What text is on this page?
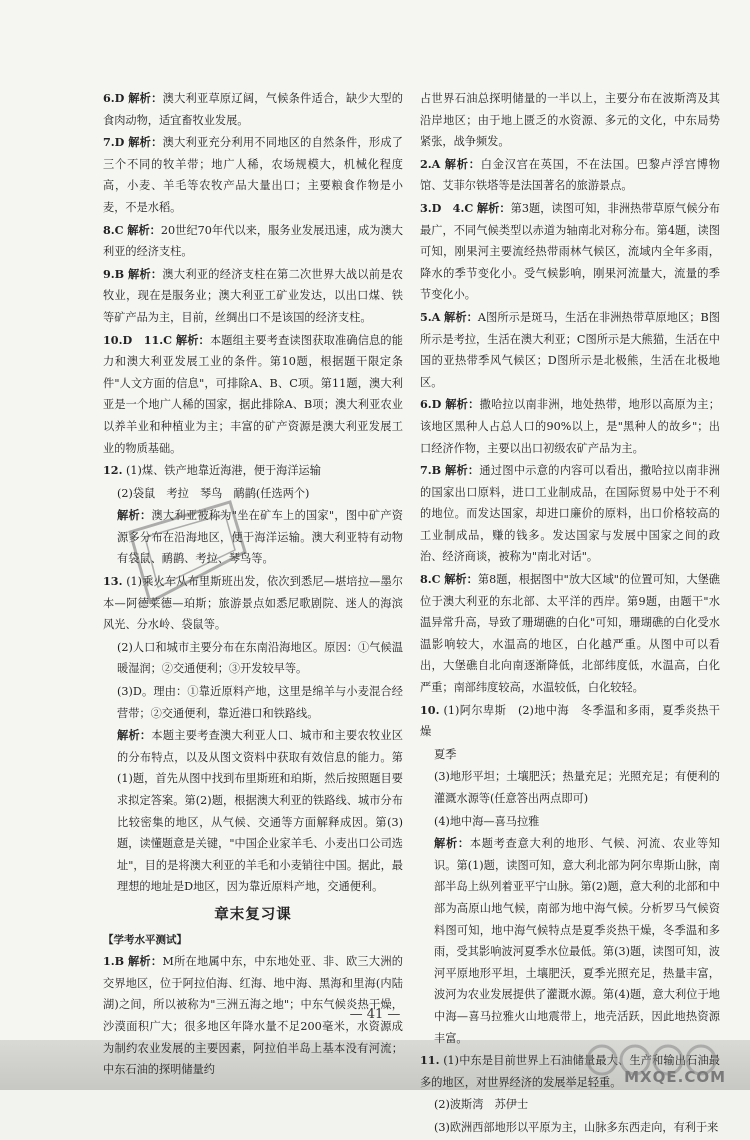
6.D 解析：澳大利亚草原辽阔，气候条件适合，缺少大型的食肉动物，适宜畜牧业发展。
7.D 解析：澳大利亚充分利用不同地区的自然条件，形成了三个不同的牧羊带；地广人稀，农场规模大，机械化程度高，小麦、羊毛等农牧产品大量出口；主要粮食作物是小麦，不是水稻。
8.C 解析：20世纪70年代以来，服务业发展迅速，成为澳大利亚的经济支柱。
9.B 解析：澳大利亚的经济支柱在第二次世界大战以前是农牧业，现在是服务业；澳大利亚工矿业发达，以出口煤、铁等矿产品为主，目前，丝绸出口不是该国的经济支柱。
10.D　11.C 解析：本题组主要考查读图获取准确信息的能力和澳大利亚发展工业的条件。第10题，根据题干限定条件"人文方面的信息"，可排除A、B、C项。第11题，澳大利亚是一个地广人稀的国家，据此排除A、B项；澳大利亚农业以养羊业和种植业为主；丰富的矿产资源是澳大利亚发展工业的物质基础。
12. (1)煤、铁产地靠近海港，便于海洋运输
(2)袋鼠　考拉　琴鸟　鸸鹋(任选两个)
解析：澳大利亚被称为"坐在矿车上的国家"，图中矿产资源多分布在沿海地区，便于海洋运输。澳大利亚特有动物有袋鼠、鸸鹋、考拉、琴鸟等。
13. (1)乘火车从布里斯班出发，依次到悉尼—堪培拉—墨尔本—阿德莱德—珀斯；旅游景点如悉尼歌剧院、迷人的海滨风光、分水岭、袋鼠等。
(2)人口和城市主要分布在东南沿海地区。原因：①气候温暖湿润；②交通便利；③开发较早等。
(3)D。理由：①靠近原料产地，这里是绵羊与小麦混合经营带；②交通便利，靠近港口和铁路线。
解析：本题主要考查澳大利亚人口、城市和主要农牧业区的分布特点，以及从图文资料中获取有效信息的能力。第(1)题，首先从图中找到布里斯班和珀斯，然后按照题目要求拟定答案。第(2)题，根据澳大利亚的铁路线、城市分布比较密集的地区，从气候、交通等方面解释成因。第(3)题，读懂题意是关键，"中国企业家羊毛、小麦出口公司选址"，目的是将澳大利亚的羊毛和小麦销往中国。据此，最理想的地址是D地区，因为靠近原料产地，交通便利。
章末复习课
【学考水平测试】
1.B 解析：M所在地属中东，中东地处亚、非、欧三大洲的交界地区，位于阿拉伯海、红海、地中海、黑海和里海(内陆湖)之间，所以被称为"三洲五海之地"；中东气候炎热干燥，沙漠面积广大；很多地区年降水量不足200毫米，水资源成为制约农业发展的主要因素，阿拉伯半岛上基本没有河流；中东石油的探明储量约
占世界石油总探明储量的一半以上，主要分布在波斯湾及其沿岸地区；由于地上匮乏的水资源、多元的文化，中东局势紧张，战争频发。
2.A 解析：白金汉宫在英国，不在法国。巴黎卢浮宫博物馆、艾菲尔铁塔等是法国著名的旅游景点。
3.D　4.C 解析：第3题，读图可知，非洲热带草原气候分布最广，不同气候类型以赤道为轴南北对称分布。第4题，读图可知，刚果河主要流经热带雨林气候区，流域内全年多雨，降水的季节变化小。受气候影响，刚果河流量大，流量的季节变化小。
5.A 解析：A图所示是斑马，生活在非洲热带草原地区；B图所示是考拉，生活在澳大利亚；C图所示是大熊猫，生活在中国的亚热带季风气候区；D图所示是北极熊，生活在北极地区。
6.D 解析：撒哈拉以南非洲，地处热带，地形以高原为主；该地区黑种人占总人口的90%以上，是"黑种人的故乡"；出口经济作物，主要以出口初级农矿产品为主。
7.B 解析：通过图中示意的内容可以看出，撒哈拉以南非洲的国家出口原料，进口工业制成品，在国际贸易中处于不利的地位。而发达国家，却进口廉价的原料，出口价格较高的工业制成品，赚的钱多。发达国家与发展中国家之间的政治、经济商谈，被称为"南北对话"。
8.C 解析：第8题，根据图中"放大区域"的位置可知，大堡礁位于澳大利亚的东北部、太平洋的西岸。第9题，由题干"水温异常升高，导致了珊瑚礁的白化"可知，珊瑚礁的白化受水温影响较大，水温高的地区，白化越严重。从图中可以看出，大堡礁自北向南逐渐降低，北部纬度低，水温高，白化严重；南部纬度较高，水温较低，白化较轻。
10. (1)阿尔卑斯　(2)地中海　冬季温和多雨，夏季炎热干燥
夏季
(3)地形平坦；土壤肥沃；热量充足；光照充足；有便利的灌溉水源等(任意答出两点即可)
(4)地中海—喜马拉雅
解析：本题考查意大利的地形、气候、河流、农业等知识。第(1)题，读图可知，意大利北部为阿尔卑斯山脉，南部半岛上纵列着亚平宁山脉。第(2)题，意大利的北部和中部为高原山地气候，南部为地中海气候。分析罗马气候资料图可知，地中海气候特点是夏季炎热干燥，冬季温和多雨，受其影响波河夏季水位最低。第(3)题，读图可知，波河平原地形平坦，土壤肥沃，夏季光照充足，热量丰富，波河为农业发展提供了灌溉水源。第(4)题，意大利位于地中海—喜马拉雅火山地震带上，地壳活跃，因此地热资源丰富。
11. (1)中东是目前世界上石油储量最大、生产和输出石油最多的地区，对世界经济的发展举足轻重。
(2)波斯湾　苏伊士
(3)欧洲西部地形以平原为主，山脉多东西走向，有利于来
— 41 —
MXQE.COM
